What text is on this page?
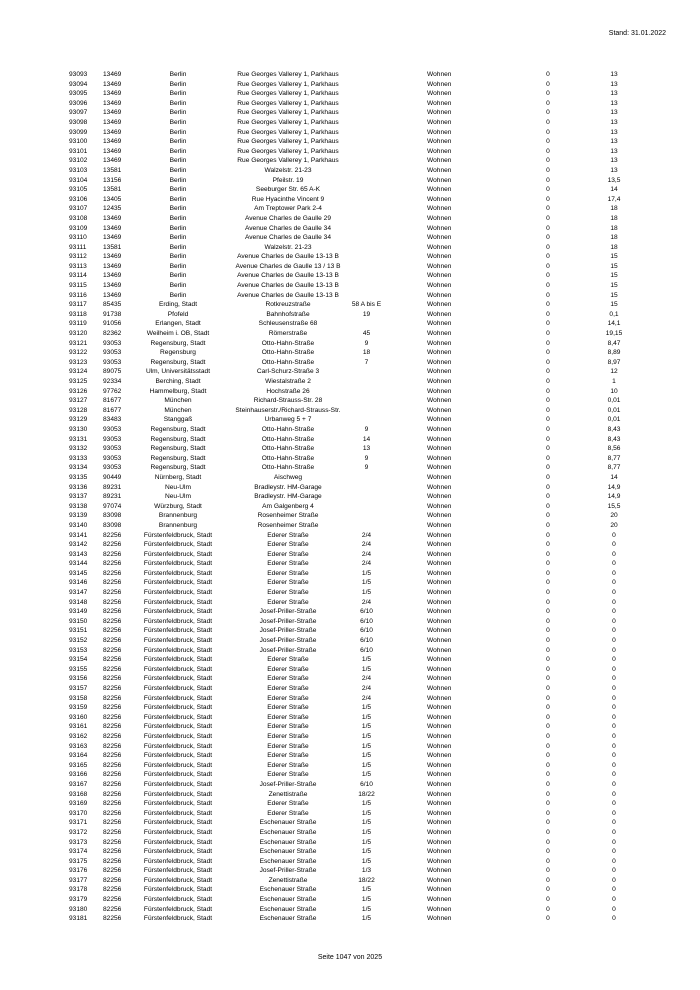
Stand: 31.01.2022
93093 13469	Berlin	Rue Georges Vallerey 1, Parkhaus	Wohnen	0	13
93094 13469	Berlin	Rue Georges Vallerey 1, Parkhaus	Wohnen	0	13
93095 13469	Berlin	Rue Georges Vallerey 1, Parkhaus	Wohnen	0	13
93096 13469	Berlin	Rue Georges Vallerey 1, Parkhaus	Wohnen	0	13
93097 13469	Berlin	Rue Georges Vallerey 1, Parkhaus	Wohnen	0	13
93098 13469	Berlin	Rue Georges Vallerey 1, Parkhaus	Wohnen	0	13
93099 13469	Berlin	Rue Georges Vallerey 1, Parkhaus	Wohnen	0	13
93100 13469	Berlin	Rue Georges Vallerey 1, Parkhaus	Wohnen	0	13
93101 13469	Berlin	Rue Georges Vallerey 1, Parkhaus	Wohnen	0	13
93102 13469	Berlin	Rue Georges Vallerey 1, Parkhaus	Wohnen	0	13
93103 13581	Berlin	Walzelstr. 21-23	Wohnen	0	13
93104 13156	Berlin	Pfeilstr. 19	Wohnen	0	13,5
93105 13581	Berlin	Seeburger Str. 65 A-K	Wohnen	0	14
93106 13405	Berlin	Rue Hyacinthe Vincent 9	Wohnen	0	17,4
93107 12435	Berlin	Am Treptower Park 2-4	Wohnen	0	18
93108 13469	Berlin	Avenue Charles de Gaulle 29	Wohnen	0	18
93109 13469	Berlin	Avenue Charles de Gaulle 34	Wohnen	0	18
93110 13469	Berlin	Avenue Charles de Gaulle 34	Wohnen	0	18
93111	13581	Berlin	Walzelstr. 21-23	Wohnen	0	18
93112 13469	Berlin	Avenue Charles de Gaulle 13-13 B	Wohnen	0	15
93113 13469	Berlin	Avenue Charles de Gaulle 13 / 13 B	Wohnen	0	15
93114 13469	Berlin	Avenue Charles de Gaulle 13-13 B	Wohnen	0	15
93115 13469	Berlin	Avenue Charles de Gaulle 13-13 B	Wohnen	0	15
93116 13469	Berlin	Avenue Charles de Gaulle 13-13 B	Wohnen	0	15
93117 85435	Erding, Stadt	Rotkreuzstraße	58 A bis E	Wohnen	0	15
93118 91738	Pfofeld	Bahnhofstraße	19	Wohnen	0	0,1
93119 91056	Erlangen, Stadt	Schleusenstraße 68	Wohnen	0	14,1
93120 82362	Weilheim i. OB, Stadt	Römerstraße	45	Wohnen	0	19,15
93121 93053	Regensburg, Stadt	Otto-Hahn-Straße	9	Wohnen	0	8,47
93122 93053	Regensburg	Otto-Hahn-Straße	18	Wohnen	0	8,89
93123 93053	Regensburg, Stadt	Otto-Hahn-Straße	7	Wohnen	0	8,97
93124 89075	Ulm, Universitätsstadt	Carl-Schurz-Straße 3	Wohnen	0	12
93125 92334	Berching, Stadt	Wiestalstraße 2	Wohnen	0	1
93126 97762	Hammelburg, Stadt	Hochstraße 26	Wohnen	0	10
93127 81677	München	Richard-Strauss-Str. 28	Wohnen	0	0,01
93128 81677	München	Steinhauserstr./Richard-Strauss-Str.	Wohnen	0	0,01
93129 83483	Stanggaß	Urbanweg 5 + 7	Wohnen	0	0,01
93130 93053	Regensburg, Stadt	Otto-Hahn-Straße	9	Wohnen	0	8,43
93131 93053	Regensburg, Stadt	Otto-Hahn-Straße	14	Wohnen	0	8,43
93132 93053	Regensburg, Stadt	Otto-Hahn-Straße	13	Wohnen	0	8,56
93133 93053	Regensburg, Stadt	Otto-Hahn-Straße	9	Wohnen	0	8,77
93134 93053	Regensburg, Stadt	Otto-Hahn-Straße	9	Wohnen	0	8,77
93135 90449	Nürnberg, Stadt	Aischweg	Wohnen	0	14
93136 89231	Neu-Ulm	Bradleystr. HM-Garage	Wohnen	0	14,9
93137 89231	Neu-Ulm	Bradleystr. HM-Garage	Wohnen	0	14,9
93138 97074	Würzburg, Stadt	Am Galgenberg 4	Wohnen	0	15,5
93139 83098	Brannenburg	Rosenheimer Straße	Wohnen	0	20
93140 83098	Brannenburg	Rosenheimer Straße	Wohnen	0	20
93141 82256	Fürstenfeldbruck, Stadt	Ederer Straße	2/4	Wohnen	0	0
93142 82256	Fürstenfeldbruck, Stadt	Ederer Straße	2/4	Wohnen	0	0
93143 82256	Fürstenfeldbruck, Stadt	Ederer Straße	2/4	Wohnen	0	0
93144 82256	Fürstenfeldbruck, Stadt	Ederer Straße	2/4	Wohnen	0	0
93145 82256	Fürstenfeldbruck, Stadt	Ederer Straße	1/5	Wohnen	0	0
93146 82256	Fürstenfeldbruck, Stadt	Ederer Straße	1/5	Wohnen	0	0
93147 82256	Fürstenfeldbruck, Stadt	Ederer Straße	1/5	Wohnen	0	0
93148 82256	Fürstenfeldbruck, Stadt	Ederer Straße	2/4	Wohnen	0	0
93149 82256	Fürstenfeldbruck, Stadt	Josef-Priller-Straße	6/10	Wohnen	0	0
93150 82256	Fürstenfeldbruck, Stadt	Josef-Priller-Straße	6/10	Wohnen	0	0
93151 82256	Fürstenfeldbruck, Stadt	Josef-Priller-Straße	6/10	Wohnen	0	0
93152 82256	Fürstenfeldbruck, Stadt	Josef-Priller-Straße	6/10	Wohnen	0	0
93153 82256	Fürstenfeldbruck, Stadt	Josef-Priller-Straße	6/10	Wohnen	0	0
93154 82256	Fürstenfeldbruck, Stadt	Ederer Straße	1/5	Wohnen	0	0
93155 82256	Fürstenfeldbruck, Stadt	Ederer Straße	1/5	Wohnen	0	0
93156 82256	Fürstenfeldbruck, Stadt	Ederer Straße	2/4	Wohnen	0	0
93157 82256	Fürstenfeldbruck, Stadt	Ederer Straße	2/4	Wohnen	0	0
93158 82256	Fürstenfeldbruck, Stadt	Ederer Straße	2/4	Wohnen	0	0
93159 82256	Fürstenfeldbruck, Stadt	Ederer Straße	1/5	Wohnen	0	0
93160 82256	Fürstenfeldbruck, Stadt	Ederer Straße	1/5	Wohnen	0	0
93161 82256	Fürstenfeldbruck, Stadt	Ederer Straße	1/5	Wohnen	0	0
93162 82256	Fürstenfeldbruck, Stadt	Ederer Straße	1/5	Wohnen	0	0
93163 82256	Fürstenfeldbruck, Stadt	Ederer Straße	1/5	Wohnen	0	0
93164 82256	Fürstenfeldbruck, Stadt	Ederer Straße	1/5	Wohnen	0	0
93165 82256	Fürstenfeldbruck, Stadt	Ederer Straße	1/5	Wohnen	0	0
93166 82256	Fürstenfeldbruck, Stadt	Ederer Straße	1/5	Wohnen	0	0
93167 82256	Fürstenfeldbruck, Stadt	Josef-Priller-Straße	6/10	Wohnen	0	0
93168 82256	Fürstenfeldbruck, Stadt	Zenettistraße	18/22	Wohnen	0	0
93169 82256	Fürstenfeldbruck, Stadt	Ederer Straße	1/5	Wohnen	0	0
93170 82256	Fürstenfeldbruck, Stadt	Ederer Straße	1/5	Wohnen	0	0
93171 82256	Fürstenfeldbruck, Stadt	Eschenauer Straße	1/5	Wohnen	0	0
93172 82256	Fürstenfeldbruck, Stadt	Eschenauer Straße	1/5	Wohnen	0	0
93173 82256	Fürstenfeldbruck, Stadt	Eschenauer Straße	1/5	Wohnen	0	0
93174 82256	Fürstenfeldbruck, Stadt	Eschenauer Straße	1/5	Wohnen	0	0
93175 82256	Fürstenfeldbruck, Stadt	Eschenauer Straße	1/5	Wohnen	0	0
93176 82256	Fürstenfeldbruck, Stadt	Josef-Priller-Straße	1/3	Wohnen	0	0
93177 82256	Fürstenfeldbruck, Stadt	Zenettistraße	18/22	Wohnen	0	0
93178 82256	Fürstenfeldbruck, Stadt	Eschenauer Straße	1/5	Wohnen	0	0
93179 82256	Fürstenfeldbruck, Stadt	Eschenauer Straße	1/5	Wohnen	0	0
93180 82256	Fürstenfeldbruck, Stadt	Eschenauer Straße	1/5	Wohnen	0	0
93181 82256	Fürstenfeldbruck, Stadt	Eschenauer Straße	1/5	Wohnen	0	0
Seite 1047 von 2025
